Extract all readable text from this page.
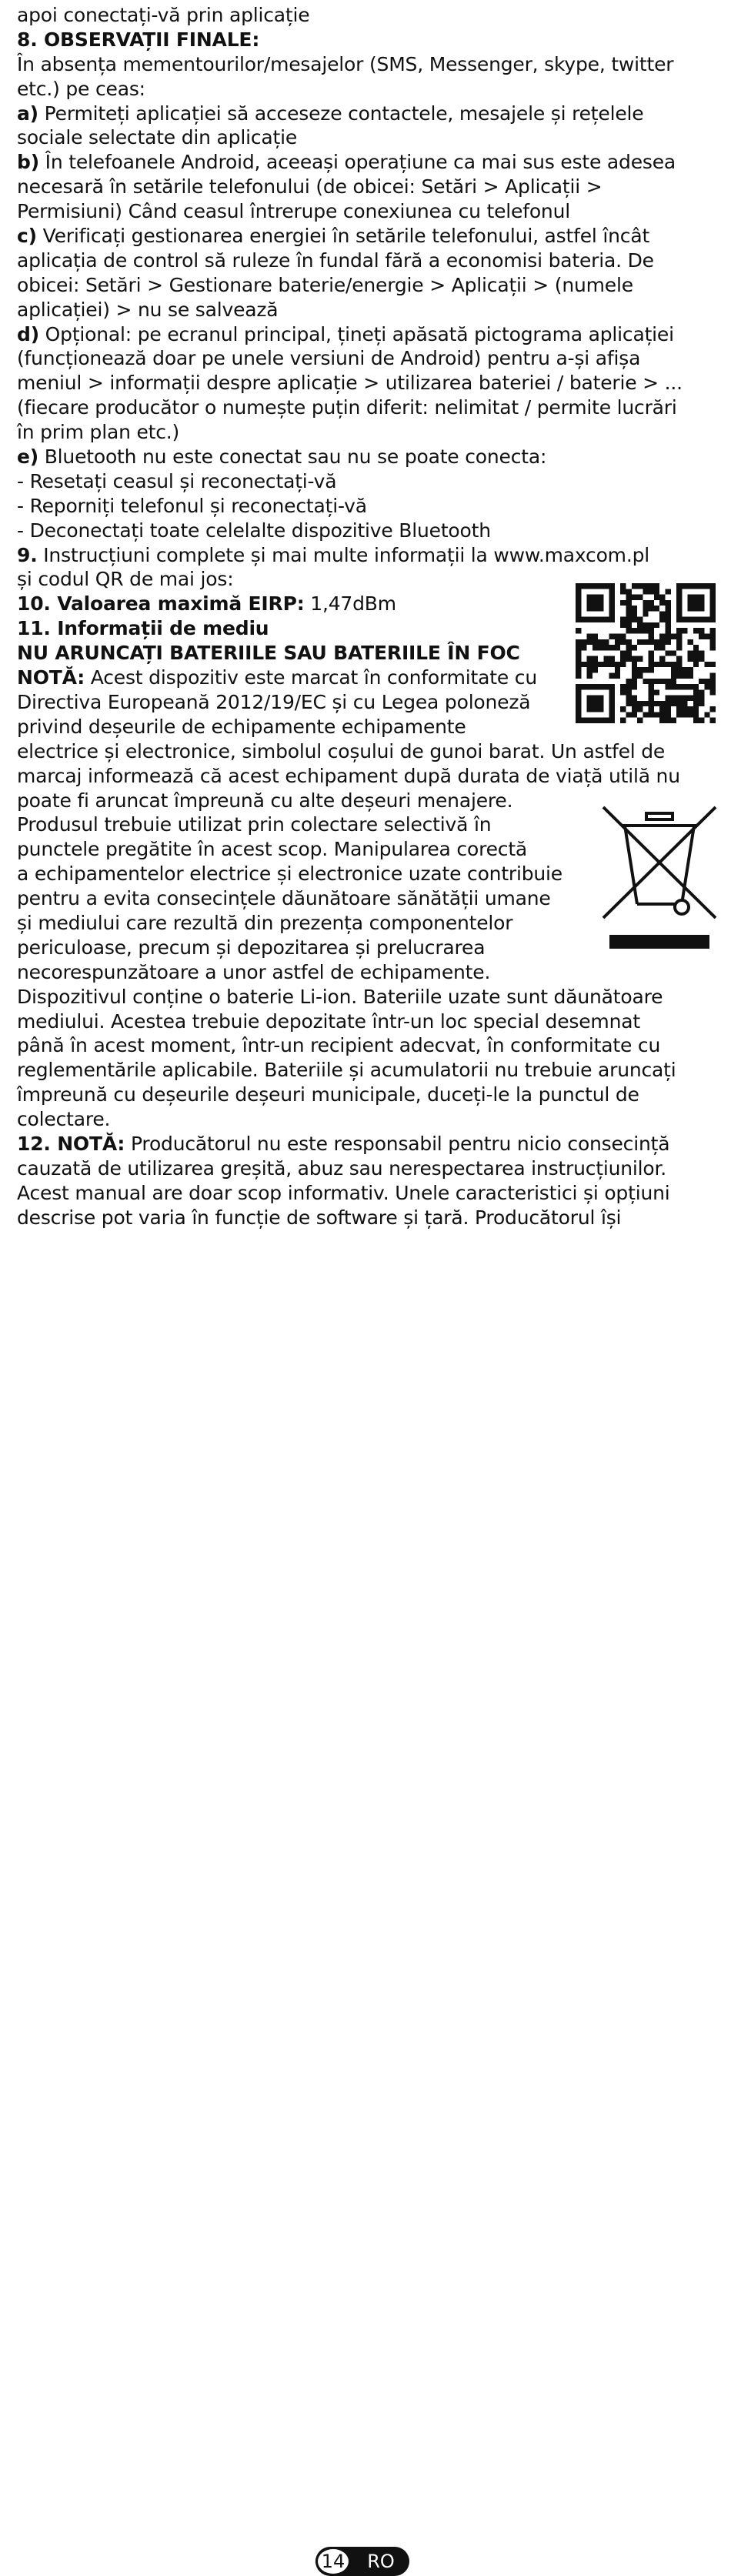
apoi conectați-vă prin aplicație
8. OBSERVAȚII FINALE:
În absența mementourilor/mesajelor (SMS, Messenger, skype, twitter
etc.) pe ceas:
a) Permiteți aplicației să acceseze contactele, mesajele și rețelele
sociale selectate din aplicație
b) În telefoanele Android, aceeași operațiune ca mai sus este adesea
necesară în setările telefonului (de obicei: Setări > Aplicații >
Permisiuni) Când ceasul întrerupe conexiunea cu telefonul
c) Verificați gestionarea energiei în setările telefonului, astfel încât
aplicația de control să ruleze în fundal fără a economisi bateria. De
obicei: Setări > Gestionare baterie/energie > Aplicații > (numele
aplicației) > nu se salvează
d) Opțional: pe ecranul principal, țineți apăsată pictograma aplicației
(funcționează doar pe unele versiuni de Android) pentru a-și afișa
meniul > informații despre aplicație > utilizarea bateriei / baterie > ...
(fiecare producător o numește puțin diferit: nelimitat / permite lucrări
în prim plan etc.)
e) Bluetooth nu este conectat sau nu se poate conecta:
- Resetați ceasul și reconectați-vă
- Reporniți telefonul și reconectați-vă
- Deconectați toate celelalte dispozitive Bluetooth
9. Instrucțiuni complete și mai multe informații la www.maxcom.pl
și codul QR de mai jos:
10. Valoarea maximă EIRP: 1,47dBm
11. Informații de mediu
NU ARUNCAȚI BATERIILE SAU BATERIILE ÎN FOC
NOTĂ: Acest dispozitiv este marcat în conformitate cu
Directiva Europeană 2012/19/EC și cu Legea poloneză
privind deșeurile de echipamente echipamente
electrice și electronice, simbolul coșului de gunoi barat. Un astfel de
marcaj informează că acest echipament după durata de viață utilă nu
poate fi aruncat împreună cu alte deșeuri menajere.
Produsul trebuie utilizat prin colectare selectivă în
punctele pregătite în acest scop. Manipularea corectă
a echipamentelor electrice și electronice uzate contribuie
pentru a evita consecințele dăunătoare sănătății umane
și mediului care rezultă din prezența componentelor
periculoase, precum și depozitarea și prelucrarea
necorespunzătoare a unor astfel de echipamente.
Dispozitivul conține o baterie Li-ion. Bateriile uzate sunt dăunătoare
mediului. Acestea trebuie depozitate într-un loc special desemnat
până în acest moment, într-un recipient adecvat, în conformitate cu
reglementările aplicabile. Bateriile și acumulatorii nu trebuie aruncați
împreună cu deșeurile deșeuri municipale, duceți-le la punctul de
colectare.
12. NOTĂ: Producătorul nu este responsabil pentru nicio consecință
cauzată de utilizarea greșită, abuz sau nerespectarea instrucțiunilor.
Acest manual are doar scop informativ. Unele caracteristici și opțiuni
descrise pot varia în funcție de software și țară. Producătorul își
14	RO
